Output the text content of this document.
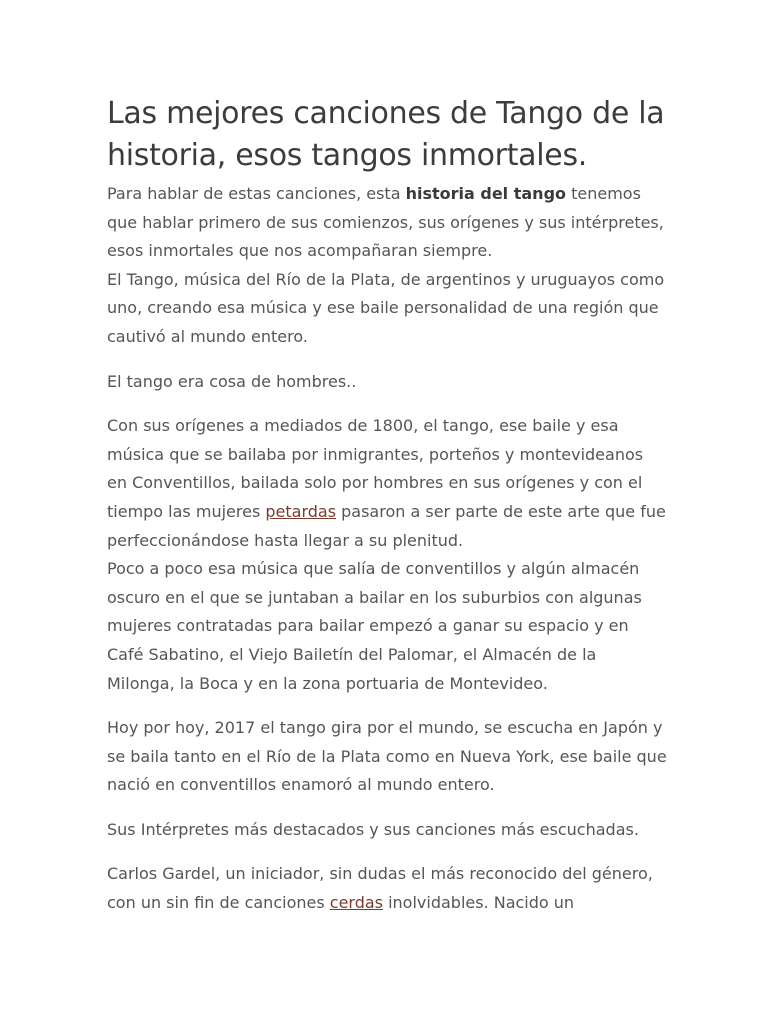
Las mejores canciones de Tango de la historia, esos tangos inmortales.

Para hablar de estas canciones, esta historia del tango tenemos que hablar primero de sus comienzos, sus orígenes y sus intérpretes, esos inmortales que nos acompañaran siempre.

El Tango, música del Río de la Plata, de argentinos y uruguayos como uno, creando esa música y ese baile personalidad de una región que cautivó al mundo entero.

El tango era cosa de hombres..

Con sus orígenes a mediados de 1800, el tango, ese baile y esa música que se bailaba por inmigrantes, porteños y montevideanos en Conventillos, bailada solo por hombres en sus orígenes y con el tiempo las mujeres petardas pasaron a ser parte de este arte que fue perfeccionándose hasta llegar a su plenitud.

Poco a poco esa música que salía de conventillos y algún almacén oscuro en el que se juntaban a bailar en los suburbios con algunas mujeres contratadas para bailar empezó a ganar su espacio y en Café Sabatino, el Viejo Bailetín del Palomar, el Almacén de la Milonga, la Boca y en la zona portuaria de Montevideo.

Hoy por hoy, 2017 el tango gira por el mundo, se escucha en Japón y se baila tanto en el Río de la Plata como en Nueva York, ese baile que nació en conventillos enamoró al mundo entero.

Sus Intérpretes más destacados y sus canciones más escuchadas.

Carlos Gardel, un iniciador, sin dudas el más reconocido del género, con un sin fin de canciones cerdas inolvidables. Nacido un
